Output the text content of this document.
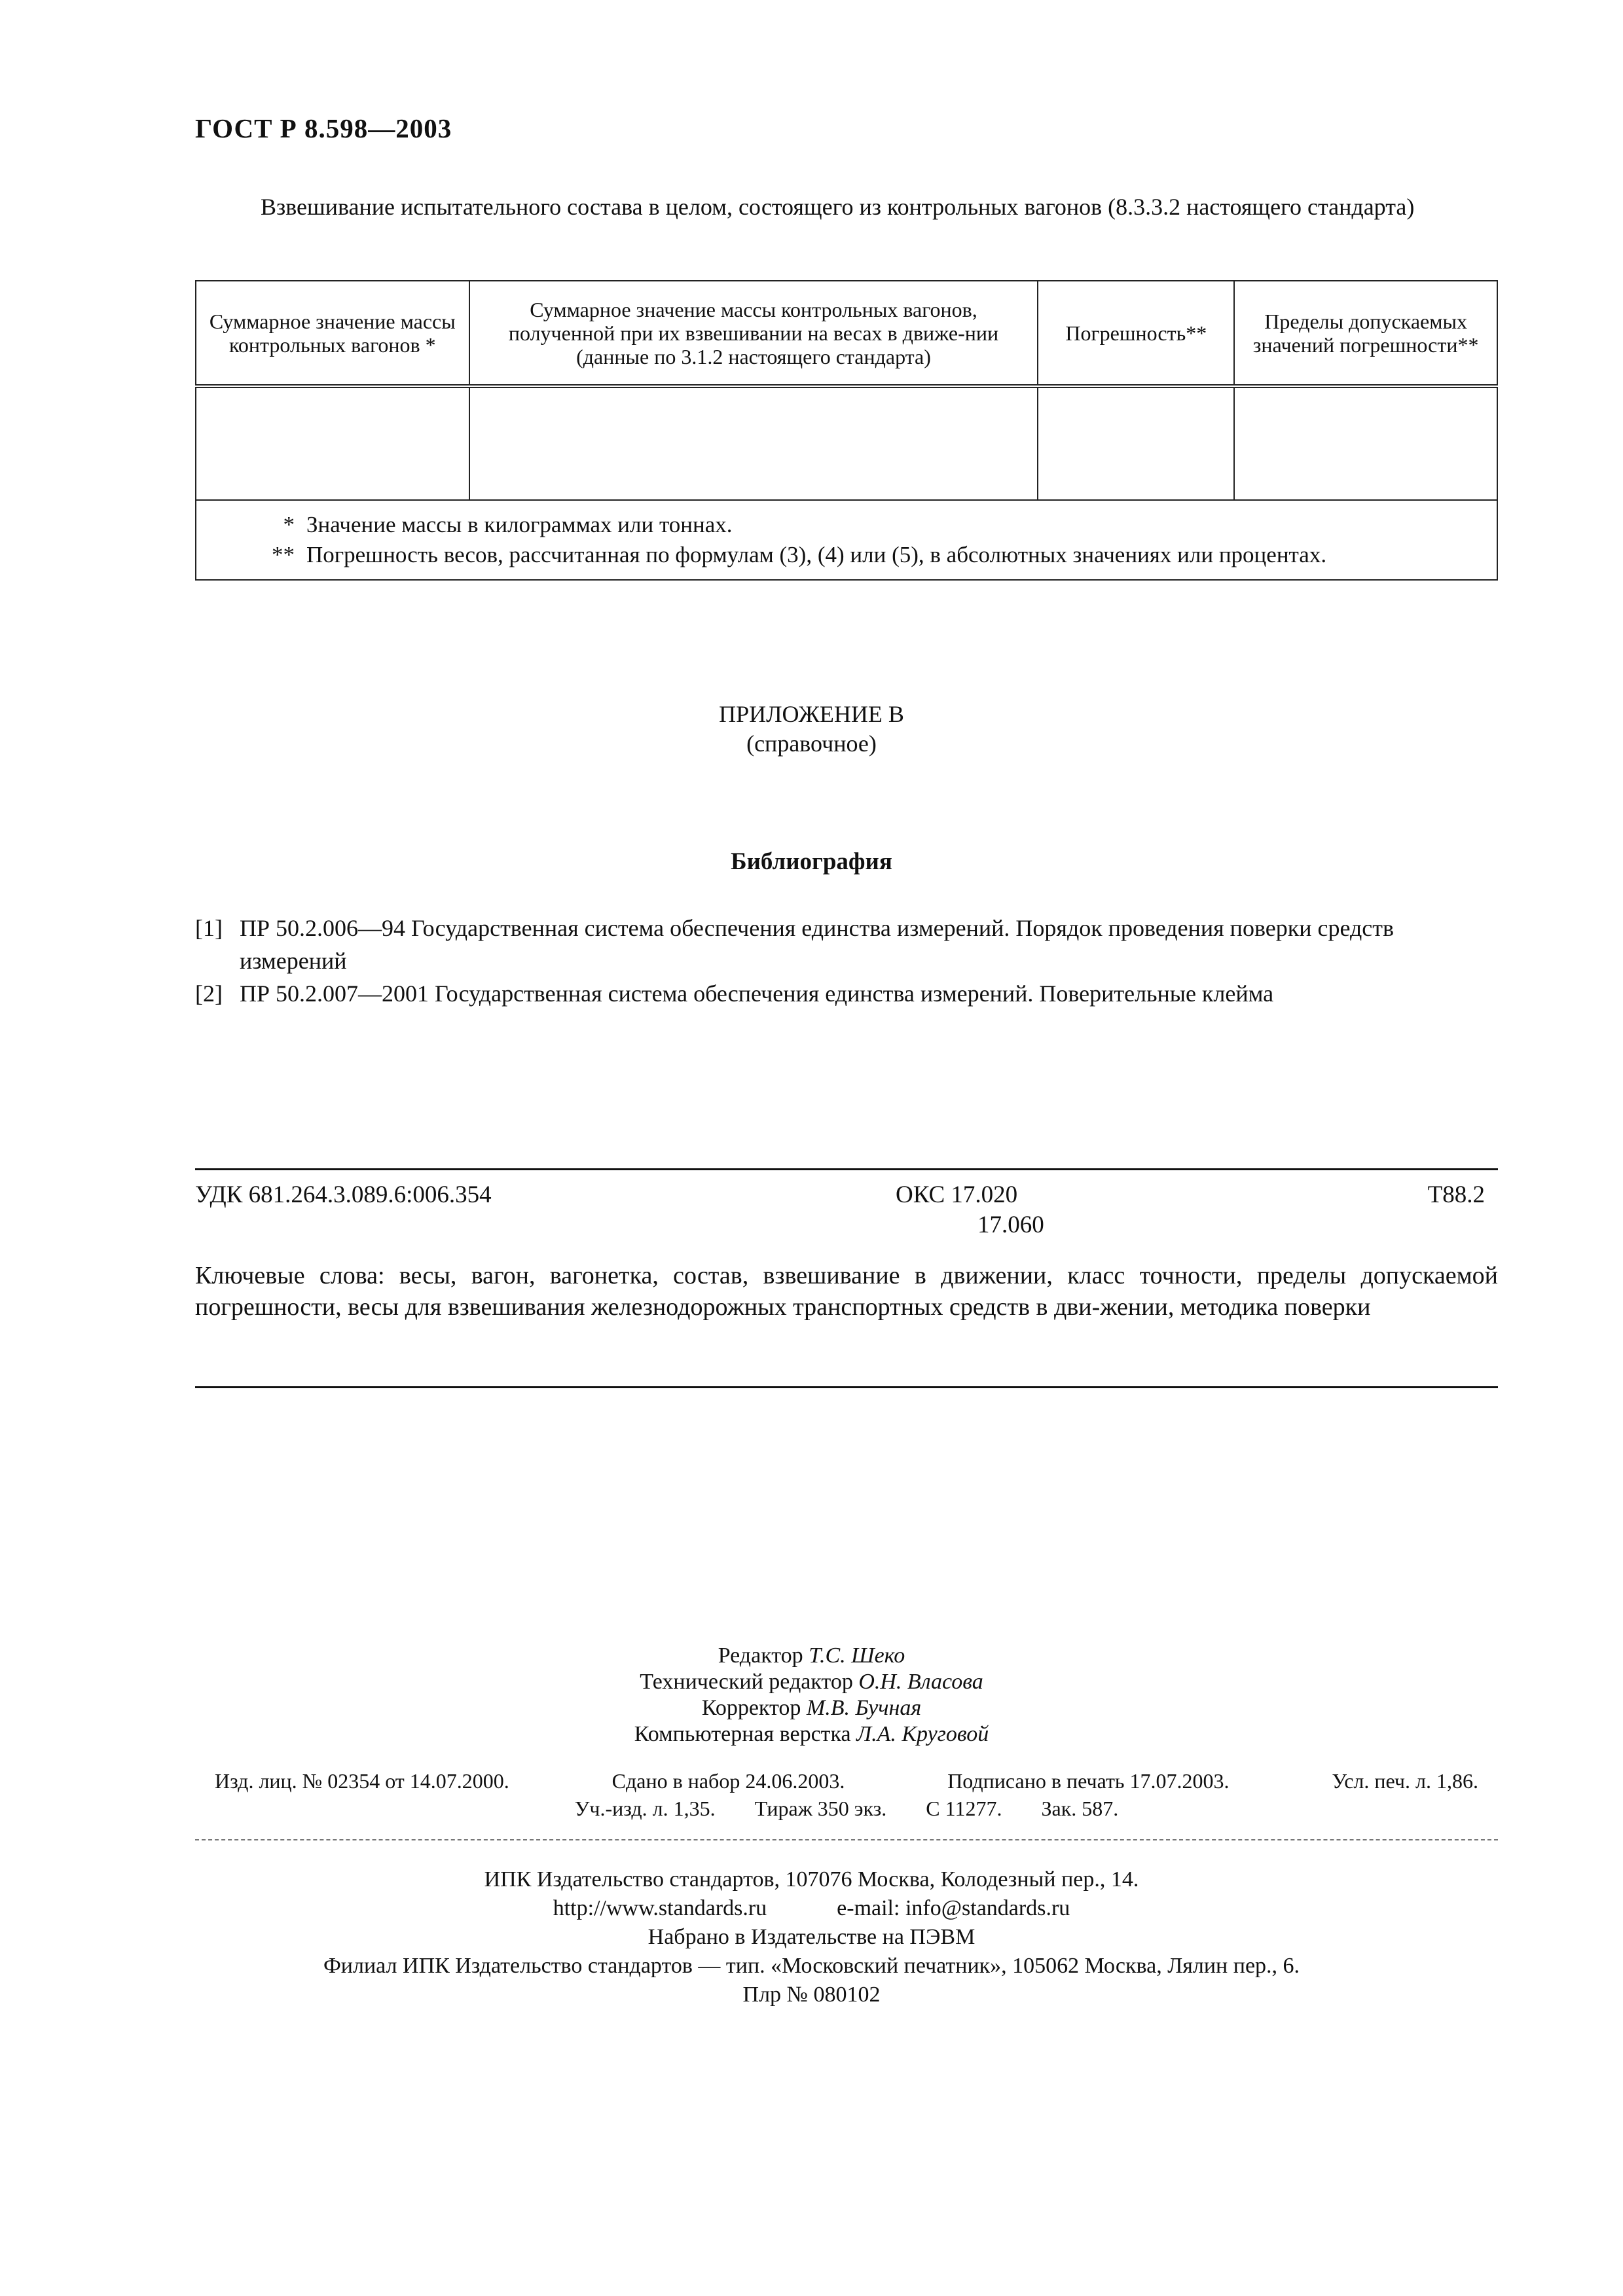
ГОСТ Р 8.598—2003
Взвешивание испытательного состава в целом, состоящего из контрольных вагонов (8.3.3.2 настоящего стандарта)
Суммарное значение массы контрольных вагонов *	Суммарное значение массы контрольных вагонов, полученной при их взвешивании на весах в движе-нии (данные по 3.1.2 настоящего стандарта)	Погрешность**	Пределы допускаемых значений погрешности**

* Значение массы в килограммах или тоннах.
** Погрешность весов, рассчитанная по формулам (3), (4) или (5), в абсолютных значениях или процентах.			
ПРИЛОЖЕНИЕ В
(справочное)
Библиография
[1] ПР 50.2.006—94 Государственная система обеспечения единства измерений. Порядок проведения поверки средств измерений
[2] ПР 50.2.007—2001 Государственная система обеспечения единства измерений. Поверительные клейма
УДК 681.264.3.089.6:006.354	ОКС 17.020
17.060
Т88.2
Ключевые слова: весы, вагон, вагонетка, состав, взвешивание в движении, класс точности, пределы допускаемой погрешности, весы для взвешивания железнодорожных транспортных средств в дви-жении, методика поверки
Редактор Т.С. Шеко
Технический редактор О.Н. Власова
Корректор М.В. Бучная
Компьютерная верстка Л.А. Круговой
Изд. лиц. № 02354 от 14.07.2000.	Сдано в набор 24.06.2003.	Подписано в печать 17.07.2003.	Усл. печ. л. 1,86.
Уч.-изд. л. 1,35. Тираж 350 экз. С 11277. Зак. 587.
ИПК Издательство стандартов, 107076 Москва, Колодезный пер., 14.
http://www.standards.ru	e-mail: info@standards.ru
Набрано в Издательстве на ПЭВМ
Филиал ИПК Издательство стандартов — тип. «Московский печатник», 105062 Москва, Лялин пер., 6.
Плр № 080102
